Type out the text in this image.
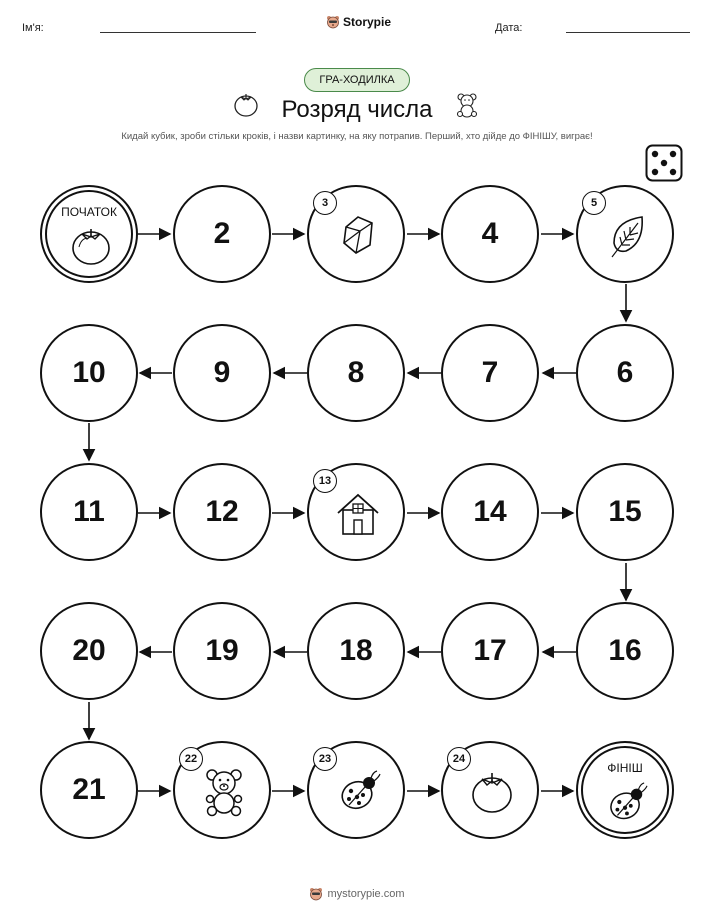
Ім'я:	Storypie	Дата:
ГРА-ХОДИЛКА
Розряд числа
Кидай кубик, зроби стільки кроків, і назви картинку, на яку потрапив. Перший, хто дійде до ФІНІШУ, виграє!
ПОЧАТОК
2
3
4
5
10	9	8	7	6
11	12
13
14	15
20	19	18	17	16
21
22	23	24
ФІНІШ
mystorypie.com
